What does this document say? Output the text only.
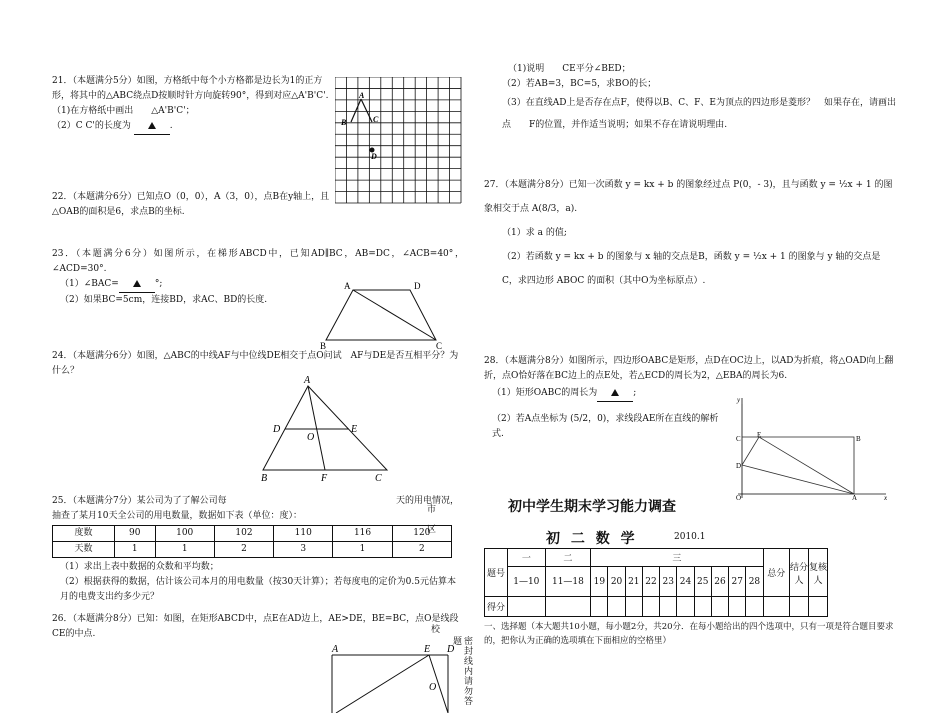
21．（本题满分5分）如图，方格纸中每个小方格都是边长为1的正方形，将其中的△ABC绕点D按顺时针方向旋转90°，得到对应△A'B'C'.

（1)在方格纸中画出　　△A'B'C'；

（2）C C'的长度为	.

A
B	C
D

22．（本题满分6分）已知点O（0，0），A（3，0），点B在y轴上，且△OAB的面积是6，求点B的坐标.

23．（本题满分6分）如图所示，在梯形ABCD中，已知AD∥BC，AB=DC，∠ACB=40°，∠ACD=30°.

（1）∠BAC=	°;

（2）如果BC=5cm，连接BD，求AC、BD的长度.

A	D
B	C

24．（本题满分6分）如图，△ABC的中线AF与中位线DE相交于点O问试　AF与DE是否互相平分？为什么？

A
D	E
O
B	F	C

25．（本题满分7分）某公司为了了解公司每	天的用电情况，

抽查了某月10天全公司的用电数量，数据如下表（单位：度）：

度数	90	100	102	110	116	120
天数	1	1	2	3	1	2

（1）求出上表中数据的众数和平均数；

（2）根据获得的数据，估计该公司本月的用电数量（按30天计算）；若每度电的定价为0.5元估算本月的电费支出约多少元？

市　区
校
密封线内请勿答题

26．（本题满分8分）已知：如图，在矩形ABCD中，点E在AD边上，AE>DE，BE=BC，点O是线段CE的中点.

A	E D
O

（1)说明　　CE平分∠BED；

（2）若AB=3，BC=5，求BO的长；

（3）在直线AD上是否存在点F，使得以B、C、F、E为顶点的四边形是菱形？　如果存在，请画出点　　F的位置，并作适当说明；如果不存在请说明理由.

27．（本题满分8分）已知一次函数 y = kx + b 的图象经过点 P(0，- 3)，且与函数 y = ½x + 1 的图象相交于点 A(8/3，a).

（1）求 a 的值;

（2）若函数 y = kx + b 的图象与 x 轴的交点是B，函数 y = ½x + 1 的图象与 y 轴的交点是C，求四边形 ABOC 的面积（其中O为坐标原点）.

28．（本题满分8分）如图所示，四边形OABC是矩形，点D在OC边上，以AD为折痕，将△OAD向上翻折，点O恰好落在BC边上的点E处，若△ECD的周长为2，△EBA的周长为6.

（1）矩形OABC的周长为	;

（2）若A点坐标为 (5/2，0)，求线段AE所在直线的解析式.

y
C E	B
D
O	A	x
初中学生期末学习能力调查
初 二 数 学	2010.1
题号	一	二	三										总分	结分人	复核人
	1—10	11—18	19	20	21	22	23	24	25	26	27	28			
得分															

一、选择题（本大题共10小题，每小题2分，共20分．在每小题给出的四个选项中，只有一项是符合题目要求的，把你认为正确的选项填在下面相应的空格里）
